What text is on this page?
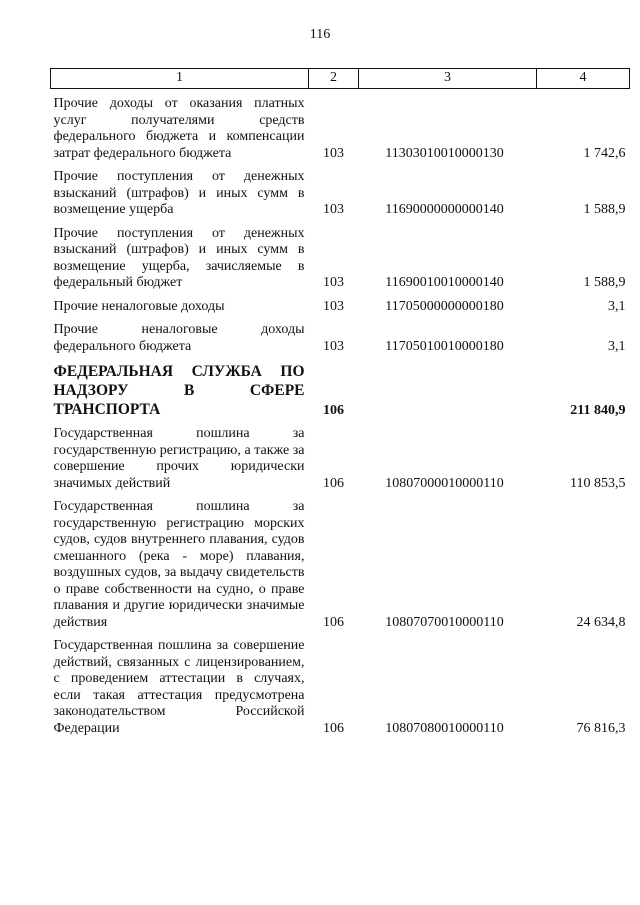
116
1	2	3	4
Прочие доходы от оказания платных услуг получателями средств федерального бюджета и компенсации затрат федерального бюджета	103	11303010010000130	1 742,6
Прочие поступления от денежных взысканий (штрафов) и иных сумм в возмещение ущерба	103	11690000000000140	1 588,9
Прочие поступления от денежных взысканий (штрафов) и иных сумм в возмещение ущерба, зачисляемые в федеральный бюджет	103	11690010010000140	1 588,9
Прочие неналоговые доходы	103	11705000000000180	3,1
Прочие неналоговые доходы федерального бюджета	103	11705010010000180	3,1
ФЕДЕРАЛЬНАЯ СЛУЖБА ПО НАДЗОРУ В СФЕРЕ ТРАНСПОРТА	106		211 840,9
Государственная пошлина за государственную регистрацию, а также за совершение прочих юридически значимых действий	106	10807000010000110	110 853,5
Государственная пошлина за государственную регистрацию морских судов, судов внутреннего плавания, судов смешанного (река - море) плавания, воздушных судов, за выдачу свидетельств о праве собственности на судно, о праве плавания и другие юридически значимые действия	106	10807070010000110	24 634,8
Государственная пошлина за совершение действий, связанных с лицензированием, с проведением аттестации в случаях, если такая аттестация предусмотрена законодательством Российской Федерации	106	10807080010000110	76 816,3
